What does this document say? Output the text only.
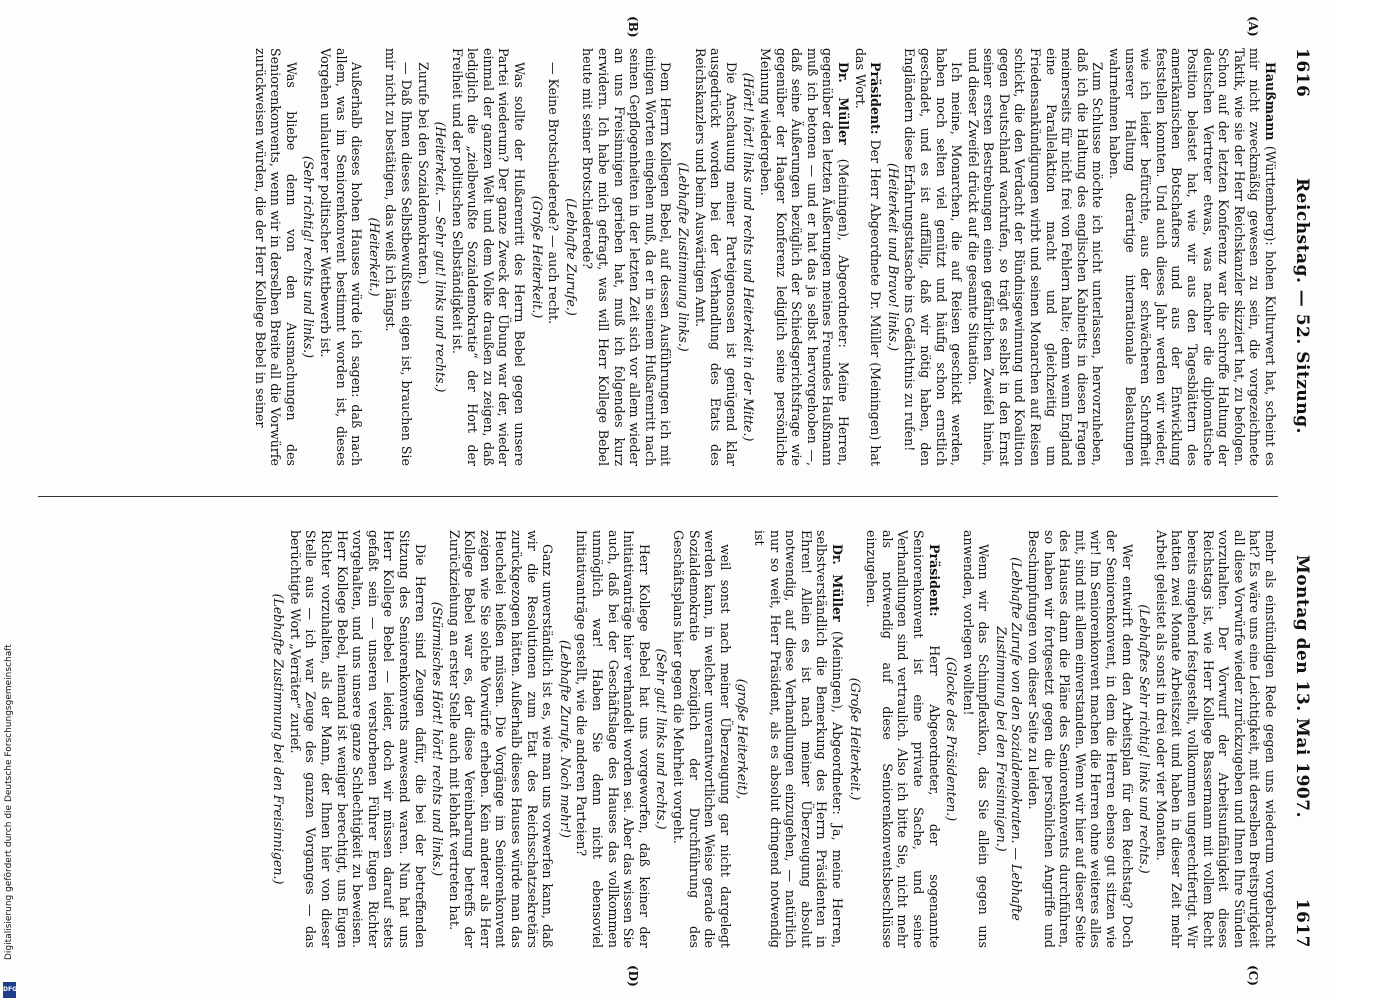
1616
Reichstag. — 52. Sitzung.
Montag den 13. Mai 1907.
1617
(A)
(B)
(C)
(D)

Haußmann (Württemberg): hohen Kulturwert hat, scheint es mir nicht zweckmäßig gewesen zu sein, die vorgezeichnete Taktik, wie sie der Herr Reichskanzler skizziert hat, zu befolgen. Schon auf der letzten Konferenz war die schroffe Haltung der deutschen Vertreter etwas, was nachher die diplomatische Position belastet hat, wie wir aus den Tagesblättern des amerikanischen Botschafters und aus der Entwicklung feststellen konnten. Und auch dieses Jahr werden wir wieder, wie ich leider befürchte, aus der schwächeren Schroffheit unserer Haltung derartige internationale Belastungen wahrnehmen haben.

Zum Schlusse möchte ich nicht unterlassen, hervorzuheben, daß ich die Haltung des englischen Kabinetts in diesen Fragen meinerseits für nicht frei von Fehlern halte; denn wenn England eine Parallelaktion macht und gleichzeitig um Friedensankündigungen wirbt und seinen Monarchen auf Reisen schickt, die den Verdacht der Bündnisgewinnung und Koalition gegen Deutschland wachrufen, so trägt es selbst in den Ernst seiner ersten Bestrebungen einen gefährlichen Zweifel hinein, und dieser Zweifel drückt auf die gesamte Situation.

Ich meine, Monarchen, die auf Reisen geschickt werden, haben noch selten viel genützt und häufig schon ernstlich geschadet, und es ist auffällig, daß wir nötig haben, den Engländern diese Erfahrungstatsache ins Gedächtnis zu rufen!

(Heiterkeit und Bravo! links.)

Präsident: Der Herr Abgeordnete Dr. Müller (Meiningen) hat das Wort.

Dr. Müller (Meiningen), Abgeordneter: Meine Herren, gegenüber den letzten Äußerungen meines Freundes Haußmann muß ich betonen — und er hat das ja selbst hervorgehoben —, daß seine Äußerungen bezüglich der Schiedsgerichtsfrage wie gegenüber der Haager Konferenz lediglich seine persönliche Meinung wiedergeben.

(Hört! hört! links und rechts und Heiterkeit in der Mitte.)

Die Anschauung meiner Parteigenossen ist genügend klar ausgedrückt worden bei der Verhandlung des Etats des Reichskanzlers und beim Auswärtigen Amt.

(Lebhafte Zustimmung links.)

Dem Herrn Kollegen Bebel, auf dessen Ausführungen ich mit einigen Worten eingehen muß, da er in seinem Hußarenritt nach seinen Gepflogenheiten in der letzten Zeit sich vor allem wieder an uns Freisinnigen gerieben hat, muß ich folgendes kurz erwidern. Ich habe mich gefragt, was will Herr Kollege Bebel heute mit seiner Brotschiederede?

(Lebhafte Zurufe.)

— Keine Brotschiederede? — auch recht.

(Große Heiterkeit.)

Was sollte der Hußarenritt des Herrn Bebel gegen unsere Partei wiederum? Der ganze Zweck der Übung war der, wieder einmal der ganzen Welt und dem Volke draußen zu zeigen, daß lediglich die „zielbewußte Sozialdemokratie“ der Hort der Freiheit und der politischen Selbständigkeit ist.

(Heiterkeit. — Sehr gut! links und rechts.)

Zurufe bei den Sozialdemokraten.)

— Daß Ihnen dieses Selbstbewußtsein eigen ist, brauchen Sie mir nicht zu bestätigen, das weiß ich längst.

(Heiterkeit.)

Außerhalb dieses hohen Hauses würde ich sagen: daß nach allem, was im Seniorenkonvent bestimmt worden ist, dieses Vorgehen unlauterer politischer Wettbewerb ist.

(Sehr richtig! rechts und links.)

Was bliebe denn von den Ausmachungen des Seniorenkonvents, wenn wir in derselben Breite all die Vorwürfe zurückweisen würden, die der Herr Kollege Bebel in seiner

mehr als einstündigen Rede gegen uns wiederum vorgebracht hat? Es wäre uns eine Leichtigkeit, mit derselben Breitspurigkeit all diese Vorwürfe wieder zurückzugeben und Ihnen Ihre Sünden vorzuhalten. Der Vorwurf der Arbeitsunfähigkeit dieses Reichstags ist, wie Herr Kollege Bassermann mit vollem Recht bereits eingehend festgestellt, vollkommen ungerechtfertigt. Wir hatten zwei Monate Arbeitszeit und haben in dieser Zeit mehr Arbeit geleistet als sonst in drei oder vier Monaten.

(Lebhaftes Sehr richtig! links und rechts.)

Wer entwirft denn den Arbeitsplan für den Reichstag? Doch der Seniorenkonvent, in dem die Herren ebenso gut sitzen wie wir! Im Seniorenkonvent machen die Herren ohne weiteres alles mit, sind mit allem einverstanden. Wenn wir hier auf dieser Seite des Hauses dann die Pläne des Seniorenkonvents durchführen, so haben wir fortgesetzt gegen die persönlichen Angriffe und Beschimpfungen von dieser Seite zu leiden.

(Lebhafte Zurufe von den Sozialdemokraten. — Lebhafte Zustimmung bei den Freisinnigen.)

Wenn wir das Schimpflexikon, das Sie allein gegen uns anwenden, vorlegen wollten!

(Glocke des Präsidenten.)

Präsident: Herr Abgeordneter, der sogenannte Seniorenkonvent ist eine private Sache, und seine Verhandlungen sind vertraulich. Also ich bitte Sie, nicht mehr als notwendig auf diese Seniorenkonventsbeschlüsse einzugehen.

(Große Heiterkeit.)

Dr. Müller (Meiningen), Abgeordneter: Ja, meine Herren, selbstverständlich die Bemerkung des Herrn Präsidenten in Ehren! Allein es ist nach meiner Überzeugung absolut notwendig, auf diese Verhandlungen einzugehen, — natürlich nur so weit, Herr Präsident, als es absolut dringend notwendig ist

(große Heiterkeit),

weil sonst nach meiner Überzeugung gar nicht dargelegt werden kann, in welcher unverantwortlichen Weise gerade die Sozialdemokratie bezüglich der Durchführung des Geschäftsplans hier gegen die Mehrheit vorgeht.

(Sehr gut! links und rechts.)

Herr Kollege Bebel hat uns vorgeworfen, daß keiner der Initiativanträge hier verhandelt worden sei. Aber das wissen Sie auch, daß bei der Geschäftslage des Hauses das vollkommen unmöglich war! Haben Sie denn nicht ebensoviel Initiativanträge gestellt, wie die anderen Parteien?

(Lebhafte Zurufe. Noch mehr!)

Ganz unverständlich ist es, wie man uns vorwerfen kann, daß wir die Resolutionen zum Etat des Reichsschatzsekretärs zurückgezogen hätten. Außerhalb dieses Hauses würde man das Heuchelei heißen müssen. Die Vorgänge im Seniorenkonvent zeigen wie Sie solche Vorwürfe erheben. Kein anderer als Herr Kollege Bebel war es, der diese Vereinbarung betreffs der Zurückziehung an erster Stelle auch mit lebhaft vertreten hat.

(Stürmisches Hört! hört! rechts und links.)

Die Herren sind Zeugen dafür, die bei der betreffenden Sitzung des Seniorenkonvents anwesend waren. Nun hat uns Herr Kollege Bebel — leider, doch wir müssen darauf stets gefaßt sein — unseren verstorbenen Führer Eugen Richter vorgehalten, und uns unsere ganze Schlechtigkeit zu beweisen. Herr Kollege Bebel, niemand ist weniger berechtigt, uns Eugen Richter vorzuhalten, als der Mann, der Ihnen hier von dieser Stelle aus — ich war Zeuge des ganzen Vorganges — das berüchtigte Wort „Verräter“ zurief.

(Lebhafte Zustimmung bei den Freisinnigen.)

Digitalisierung gefördert durch die Deutsche Forschungsgemeinschaft
DFG
